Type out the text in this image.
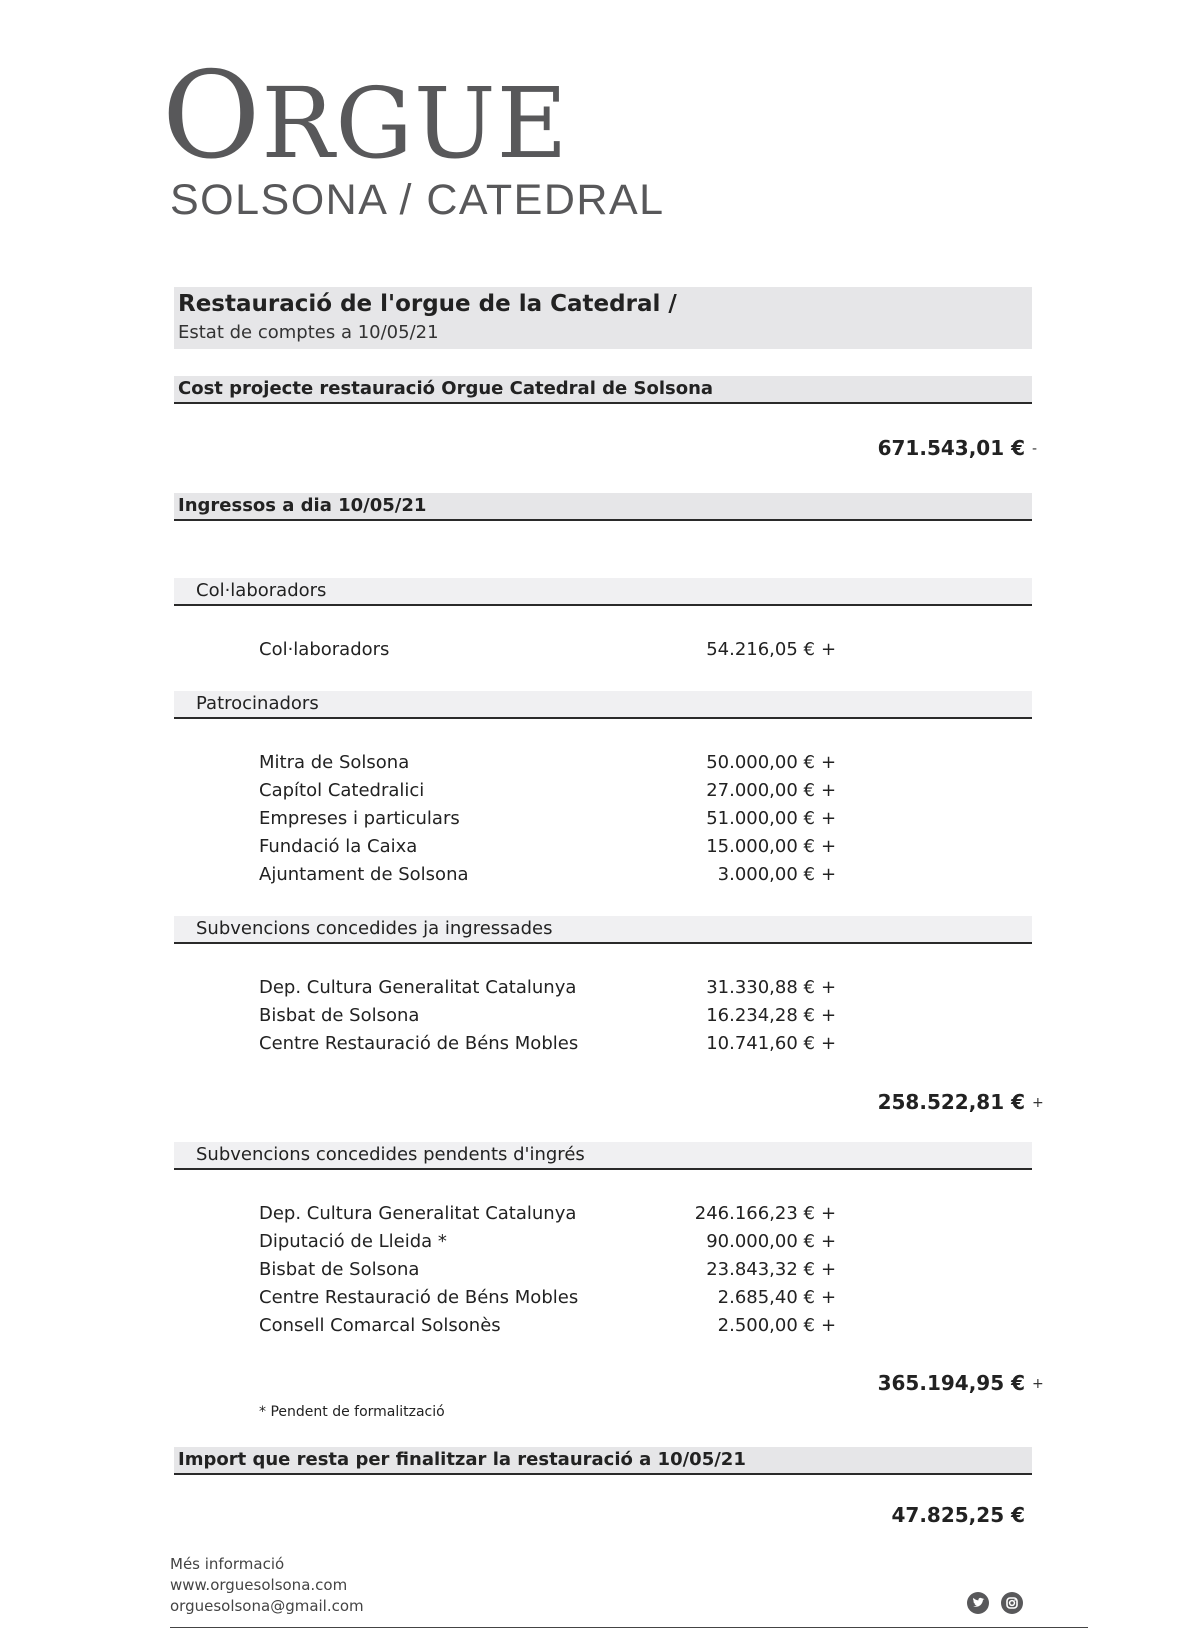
ORGUE
SOLSONA / CATEDRAL
Restauració de l'orgue de la Catedral /
Estat de comptes a 10/05/21
Cost projecte restauració Orgue Catedral de Solsona
671.543,01 € -
Ingressos a dia 10/05/21
Col·laboradors
Col·laboradors	54.216,05 € +
Patrocinadors
Mitra de Solsona	50.000,00 € +
Capítol Catedralici	27.000,00 € +
Empreses i particulars	51.000,00 € +
Fundació la Caixa	15.000,00 € +
Ajuntament de Solsona	3.000,00 € +
Subvencions concedides ja ingressades
Dep. Cultura Generalitat Catalunya	31.330,88 € +
Bisbat de Solsona	16.234,28 € +
Centre Restauració de Béns Mobles	10.741,60 € +
258.522,81 € +
Subvencions concedides pendents d'ingrés
Dep. Cultura Generalitat Catalunya	246.166,23 € +
Diputació de Lleida *	90.000,00 € +
Bisbat de Solsona	23.843,32 € +
Centre Restauració de Béns Mobles	2.685,40 € +
Consell Comarcal Solsonès	2.500,00 € +
365.194,95 € +
* Pendent de formalització
Import que resta per finalitzar la restauració a 10/05/21
47.825,25 €
Més informació
www.orguesolsona.com
orguesolsona@gmail.com
